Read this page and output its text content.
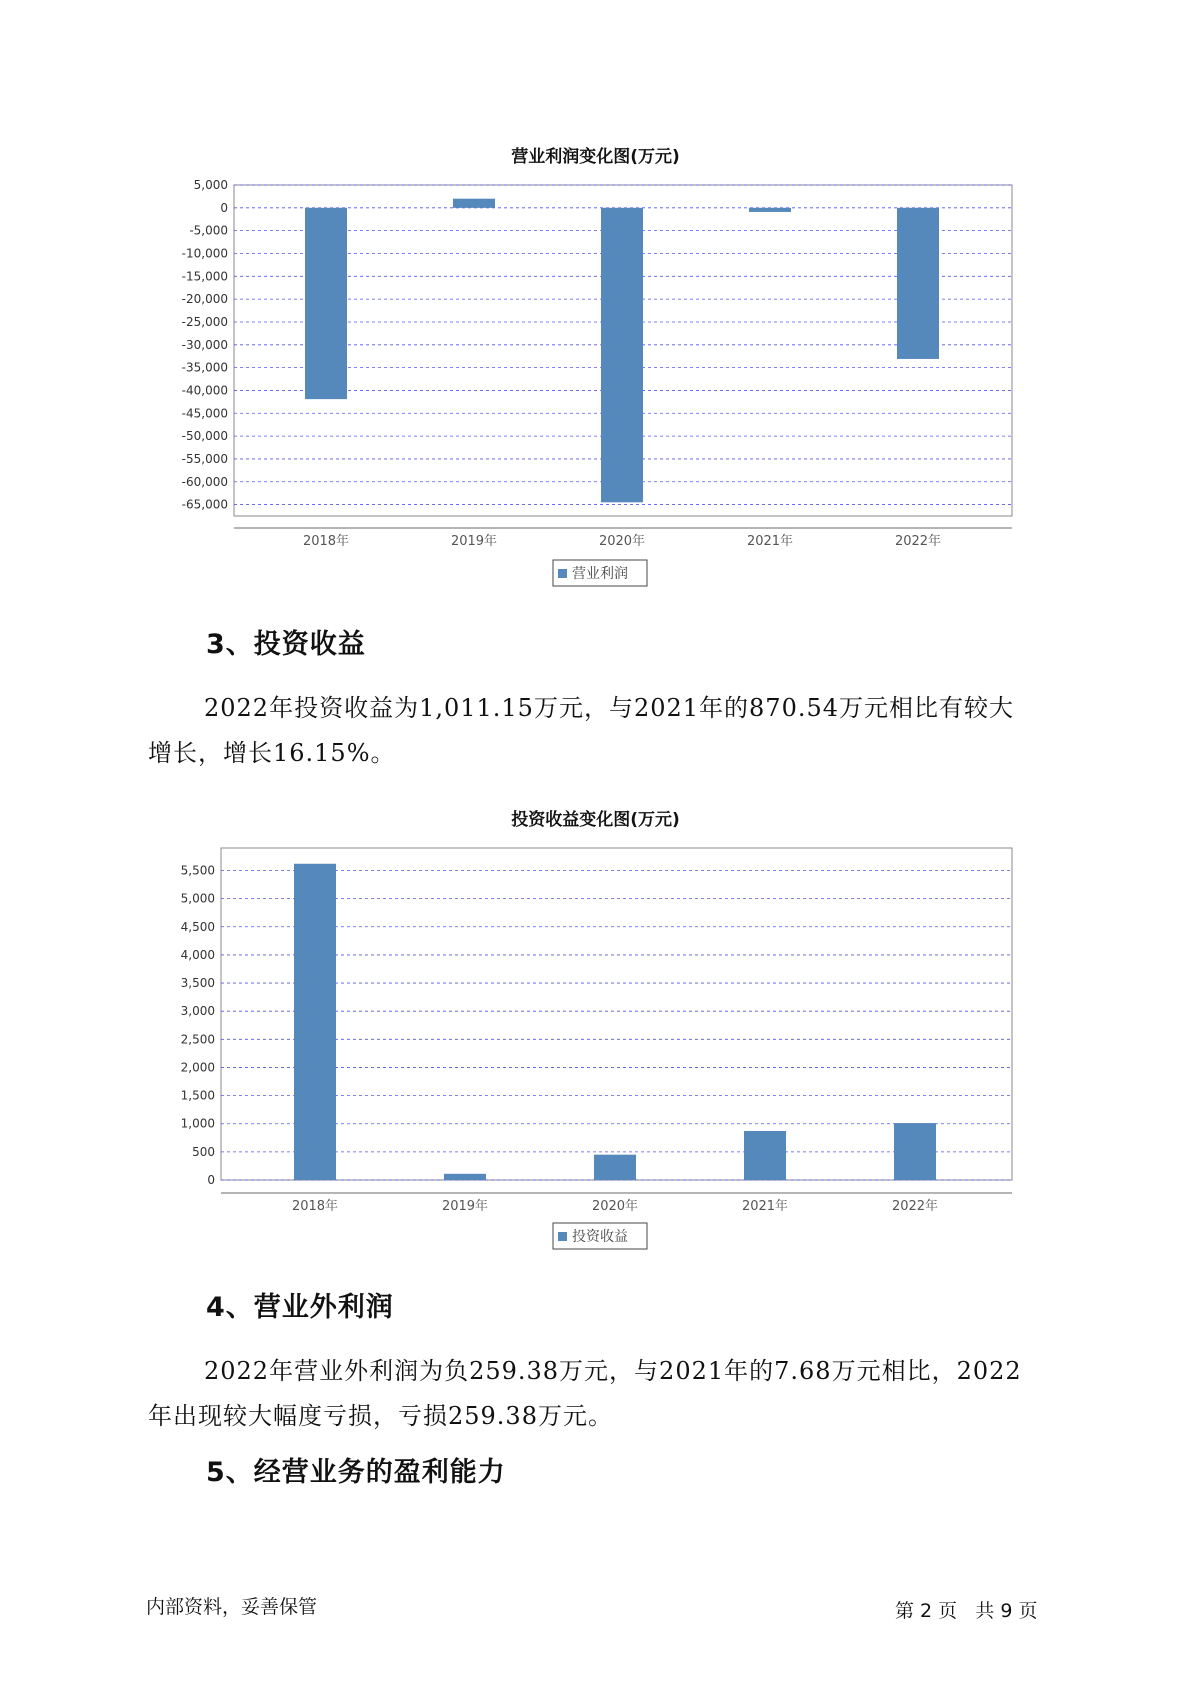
营业利润变化图(万元)
5,000
0
-5,000
-10,000
-15,000
-20,000
-25,000
-30,000
-35,000
-40,000
-45,000
-50,000
-55,000
-60,000
-65,000
2018年	2019年	2020年	2021年	2022年
营业利润
3、投资收益
2022年投资收益为1,011.15万元，与2021年的870.54万元相比有较大
增长，增长16.15%。
投资收益变化图(万元)
0
500
1,000
1,500
2,000
2,500
3,000
3,500
4,000
4,500
5,000
5,500
2018年	2019年	2020年	2021年	2022年
投资收益
4、营业外利润
2022年营业外利润为负259.38万元，与2021年的7.68万元相比，2022
年出现较大幅度亏损，亏损259.38万元。
5、经营业务的盈利能力
内部资料，妥善保管	第 2 页   共 9 页
